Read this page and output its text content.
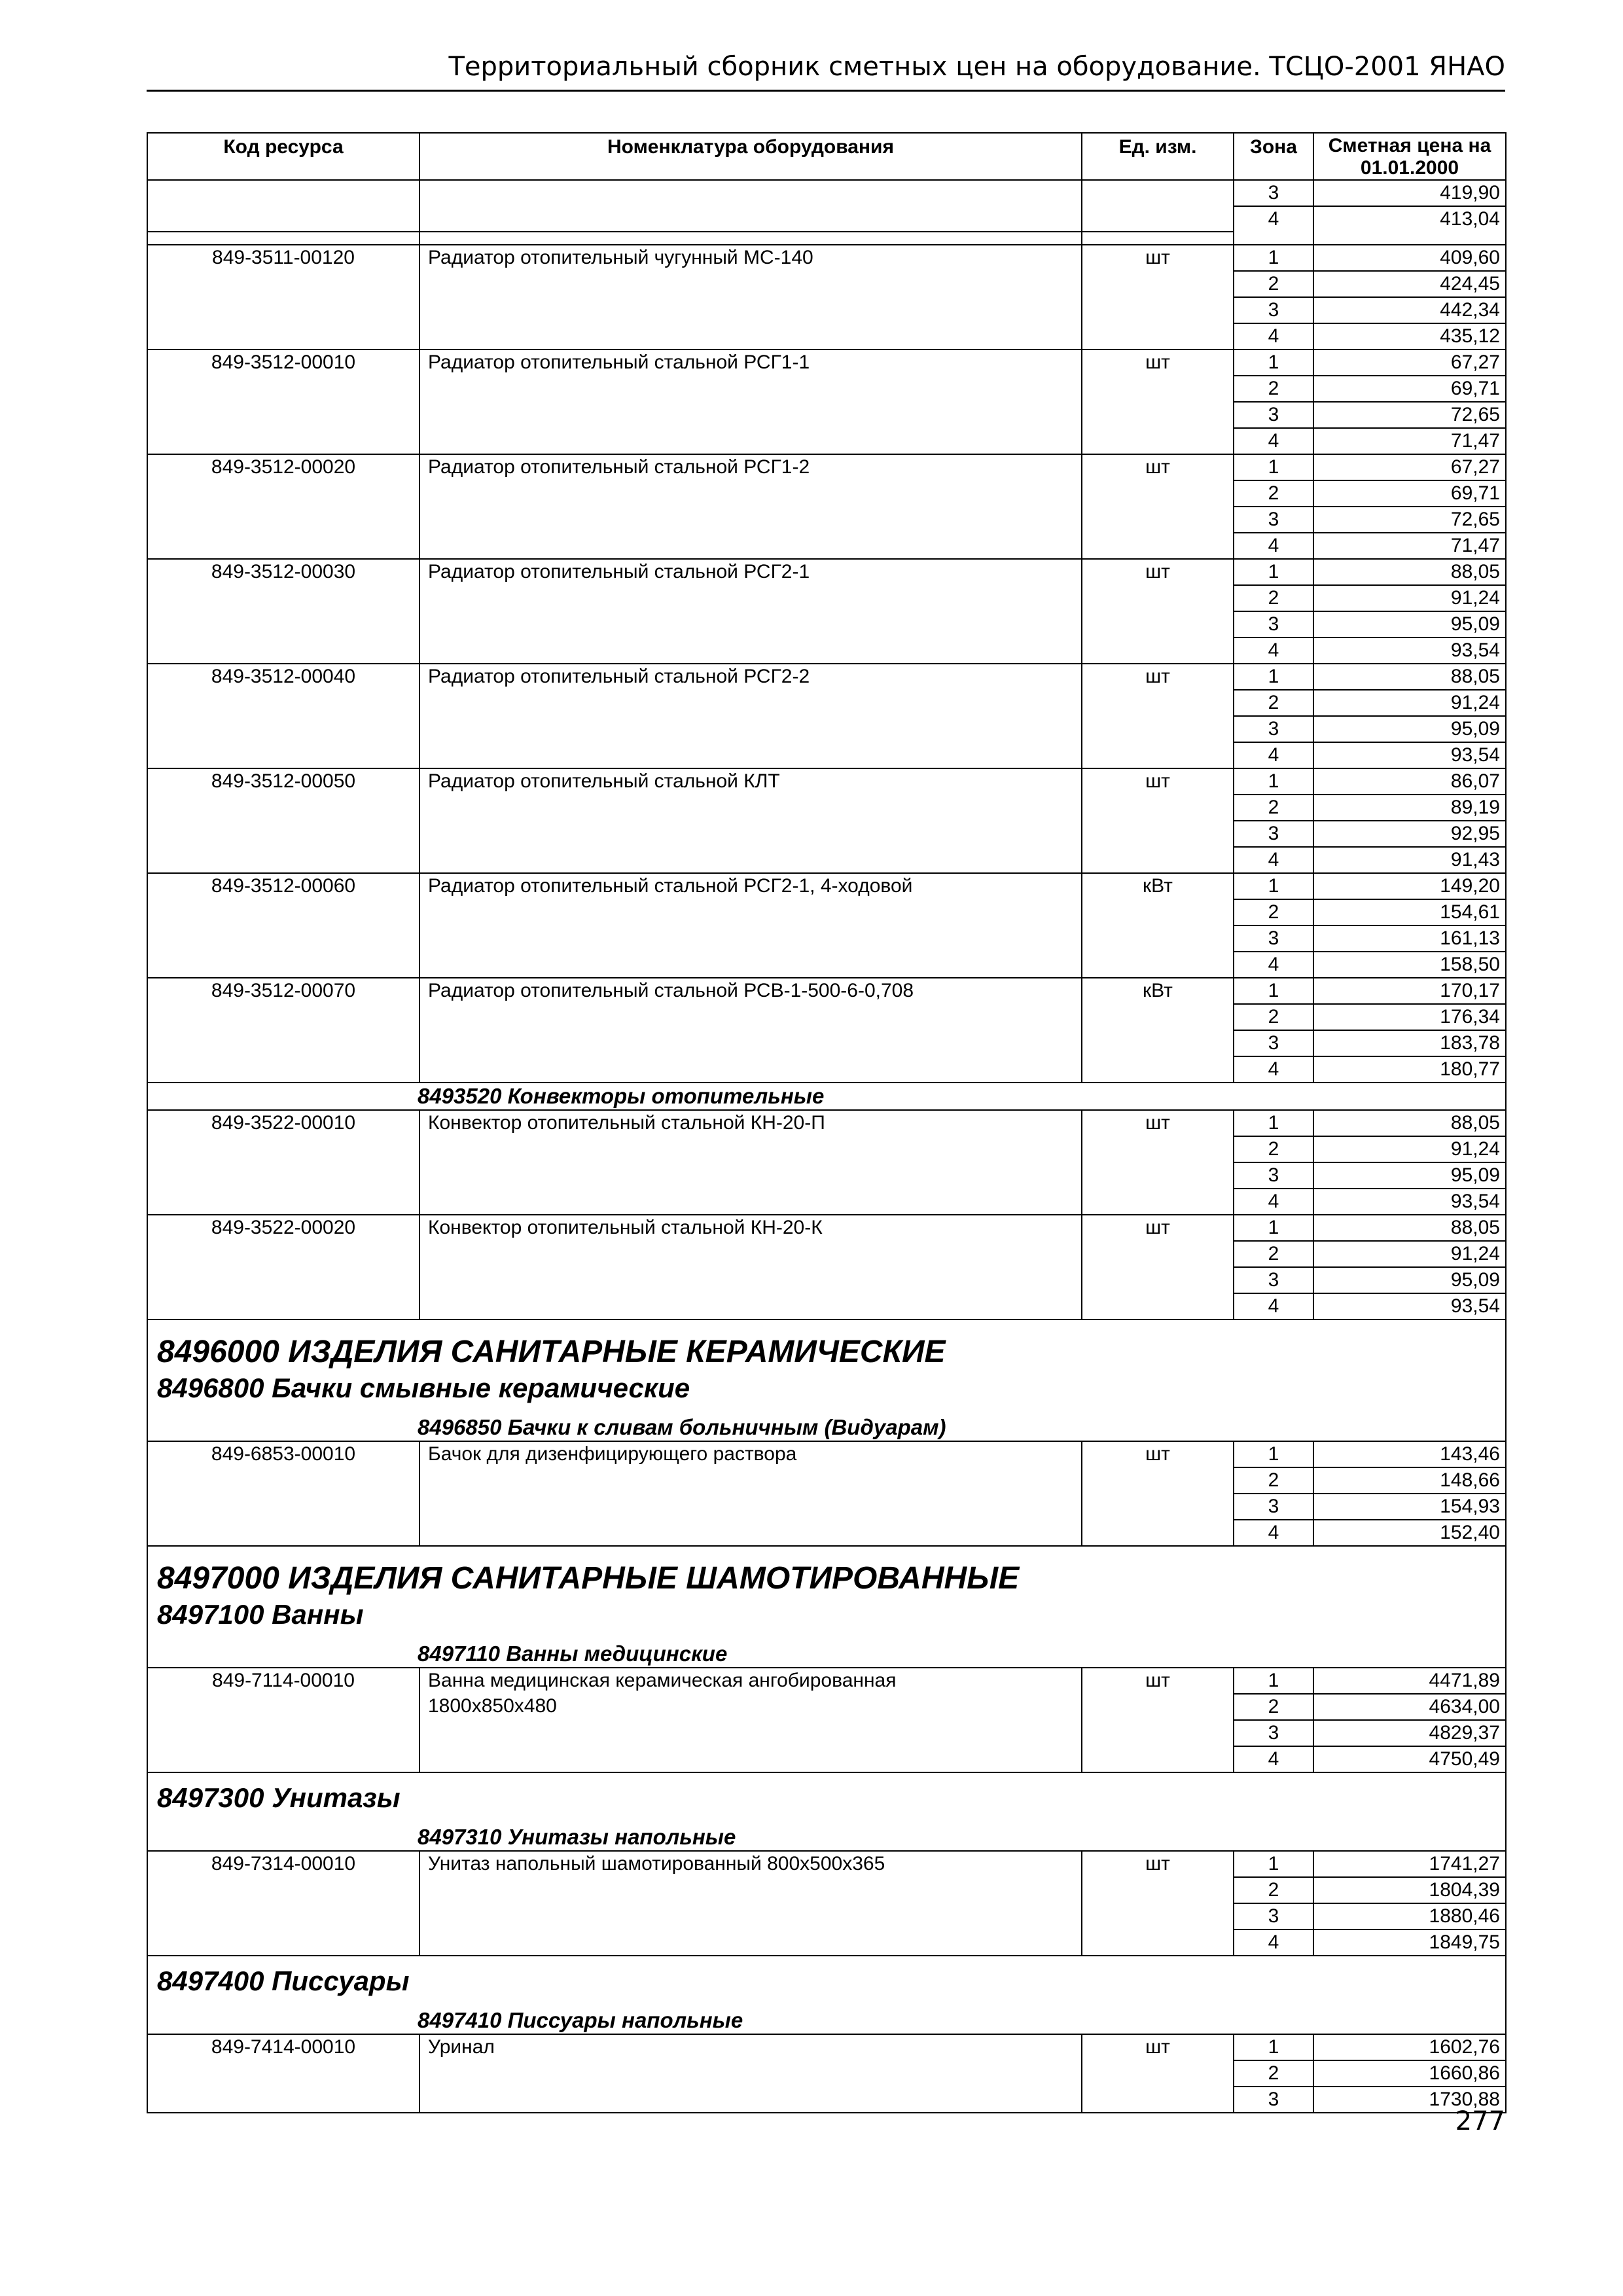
Территориальный сборник сметных цен на оборудование. ТСЦО-2001 ЯНАО
Код ресурса	Номенклатура оборудования	Ед. изм.	Зона	Сметная цена на 01.01.2000
			3	419,90
			4	413,04

849-3511-00120	Радиатор отопительный чугунный МС-140	шт	1	409,60
			2	424,45
			3	442,34
			4	435,12
849-3512-00010	Радиатор отопительный стальной РСГ1-1	шт	1	67,27
			2	69,71
			3	72,65
			4	71,47
849-3512-00020	Радиатор отопительный стальной РСГ1-2	шт	1	67,27
			2	69,71
			3	72,65
			4	71,47
849-3512-00030	Радиатор отопительный стальной РСГ2-1	шт	1	88,05
			2	91,24
			3	95,09
			4	93,54
849-3512-00040	Радиатор отопительный стальной РСГ2-2	шт	1	88,05
			2	91,24
			3	95,09
			4	93,54
849-3512-00050	Радиатор отопительный стальной КЛТ	шт	1	86,07
			2	89,19
			3	92,95
			4	91,43
849-3512-00060	Радиатор отопительный стальной РСГ2-1, 4-ходовой	кВт	1	149,20
			2	154,61
			3	161,13
			4	158,50
849-3512-00070	Радиатор отопительный стальной РСВ-1-500-6-0,708	кВт	1	170,17
			2	176,34
			3	183,78
			4	180,77
8493520 Конвекторы отопительные				
849-3522-00010	Конвектор отопительный стальной КН-20-П	шт	1	88,05
			2	91,24
			3	95,09
			4	93,54
849-3522-00020	Конвектор отопительный стальной КН-20-К	шт	1	88,05
			2	91,24
			3	95,09
			4	93,54
8496000 ИЗДЕЛИЯ САНИТАРНЫЕ КЕРАМИЧЕСКИЕ				
8496800 Бачки смывные керамические				
8496850 Бачки к сливам больничным (Видуарам)				
849-6853-00010	Бачок для дизенфицирующего раствора	шт	1	143,46
			2	148,66
			3	154,93
			4	152,40
8497000 ИЗДЕЛИЯ САНИТАРНЫЕ ШАМОТИРОВАННЫЕ				
8497100 Ванны				
8497110 Ванны медицинские				
849-7114-00010	Ванна медицинская керамическая ангобированная	шт	1	4471,89
	1800х850х480		2	4634,00
			3	4829,37
			4	4750,49
8497300 Унитазы				
8497310 Унитазы напольные				
849-7314-00010	Унитаз напольный шамотированный 800х500х365	шт	1	1741,27
			2	1804,39
			3	1880,46
			4	1849,75
8497400 Писсуары				
8497410 Писсуары напольные				
849-7414-00010	Уринал	шт	1	1602,76
			2	1660,86
			3	1730,88
277
